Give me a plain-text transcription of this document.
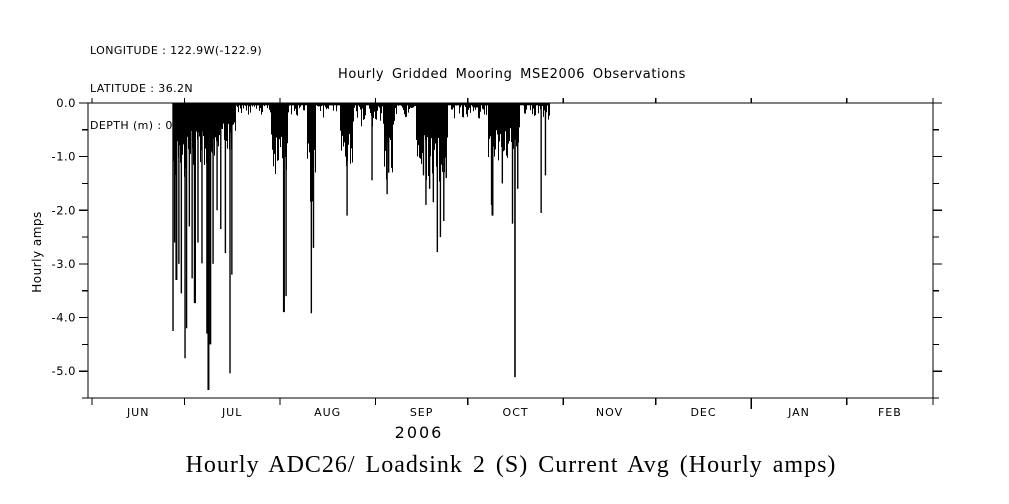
LONGITUDE : 122.9W(-122.9)

LATITUDE : 36.2N

DEPTH (m) : 0

Hourly Gridded Mooring MSE2006 Observations
Hourly amps
0.0
-1.0
-2.0
-3.0
-4.0
-5.0
JUN	JUL	AUG	SEP	OCT	NOV	DEC	JAN	FEB
2006
Hourly ADC26/ Loadsink 2 (S) Current Avg (Hourly amps)
